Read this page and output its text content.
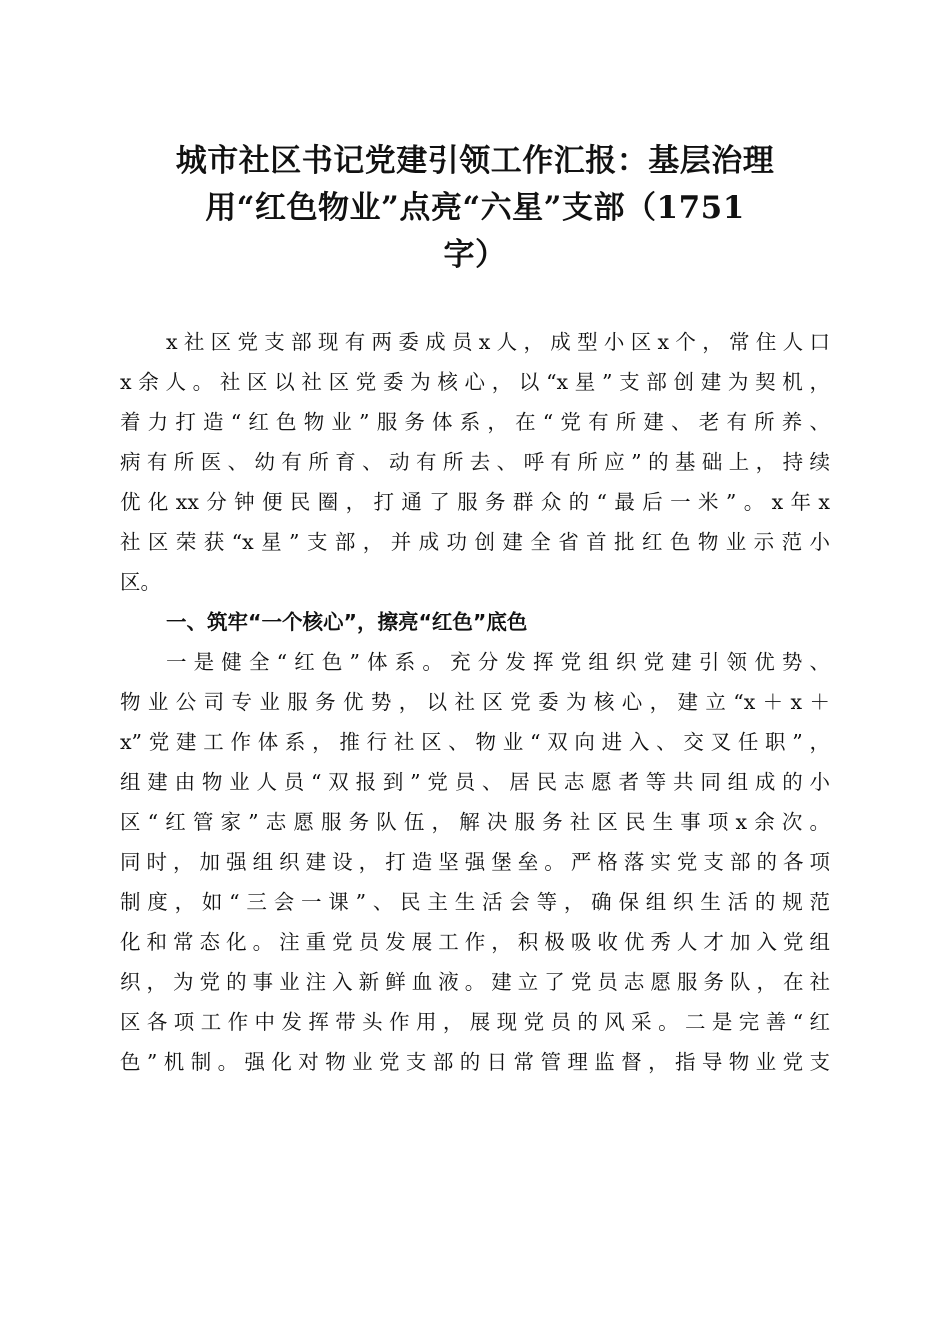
城市社区书记党建引领工作汇报：基层治理
用“红色物业”点亮“六星”支部（1751
字）
x社区党支部现有两委成员x人，成型小区x个，常住人口
x余人。社区以社区党委为核心，以“x星”支部创建为契机，
着力打造“红色物业”服务体系，在“党有所建、老有所养、
病有所医、幼有所育、动有所去、呼有所应”的基础上，持续
优化xx分钟便民圈，打通了服务群众的“最后一米”。x年x
社区荣获“x星”支部，并成功创建全省首批红色物业示范小
区。
一、筑牢“一个核心”，擦亮“红色”底色
一是健全“红色”体系。充分发挥党组织党建引领优势、
物业公司专业服务优势，以社区党委为核心，建立“x＋x＋
x”党建工作体系，推行社区、物业“双向进入、交叉任职”，
组建由物业人员“双报到”党员、居民志愿者等共同组成的小
区“红管家”志愿服务队伍，解决服务社区民生事项x余次。
同时，加强组织建设，打造坚强堡垒。严格落实党支部的各项
制度，如“三会一课”、民主生活会等，确保组织生活的规范
化和常态化。注重党员发展工作，积极吸收优秀人才加入党组
织，为党的事业注入新鲜血液。建立了党员志愿服务队，在社
区各项工作中发挥带头作用，展现党员的风采。二是完善“红
色”机制。强化对物业党支部的日常管理监督，指导物业党支
